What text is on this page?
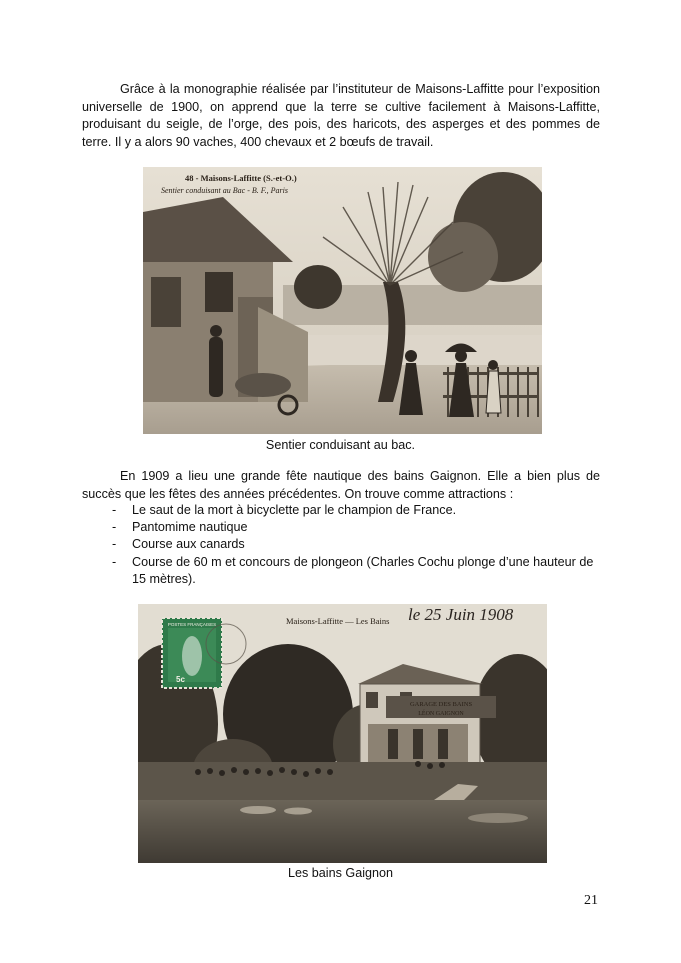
Grâce à la monographie réalisée par l’instituteur de Maisons-Laffitte pour l’exposition universelle de 1900, on apprend que la terre se cultive facilement à Maisons-Laffitte, produisant du seigle, de l’orge, des pois, des haricots, des asperges et des pommes de terre. Il y a alors 90 vaches, 400 chevaux et 2 bœufs de travail.

48 - Maisons-Laffitte (S.-et-O.)
Sentier conduisant au Bac - B. F., Paris

Sentier conduisant au bac.

En 1909 a lieu une grande fête nautique des bains Gaignon. Elle a bien plus de succès que les fêtes des années précédentes. On trouve comme attractions :

- Le saut de la mort à bicyclette par le champion de France.
- Pantomime nautique
- Course aux canards
- Course de 60 m et concours de plongeon (Charles Cochu plonge d’une hauteur de 15 mètres).
GARAGE DES BAINS
LÉON GAIGNON
Maisons-Laffitte — Les Bains le 25 Juin 1908
POSTES FRANÇAISES
5c

Les bains Gaignon

21
